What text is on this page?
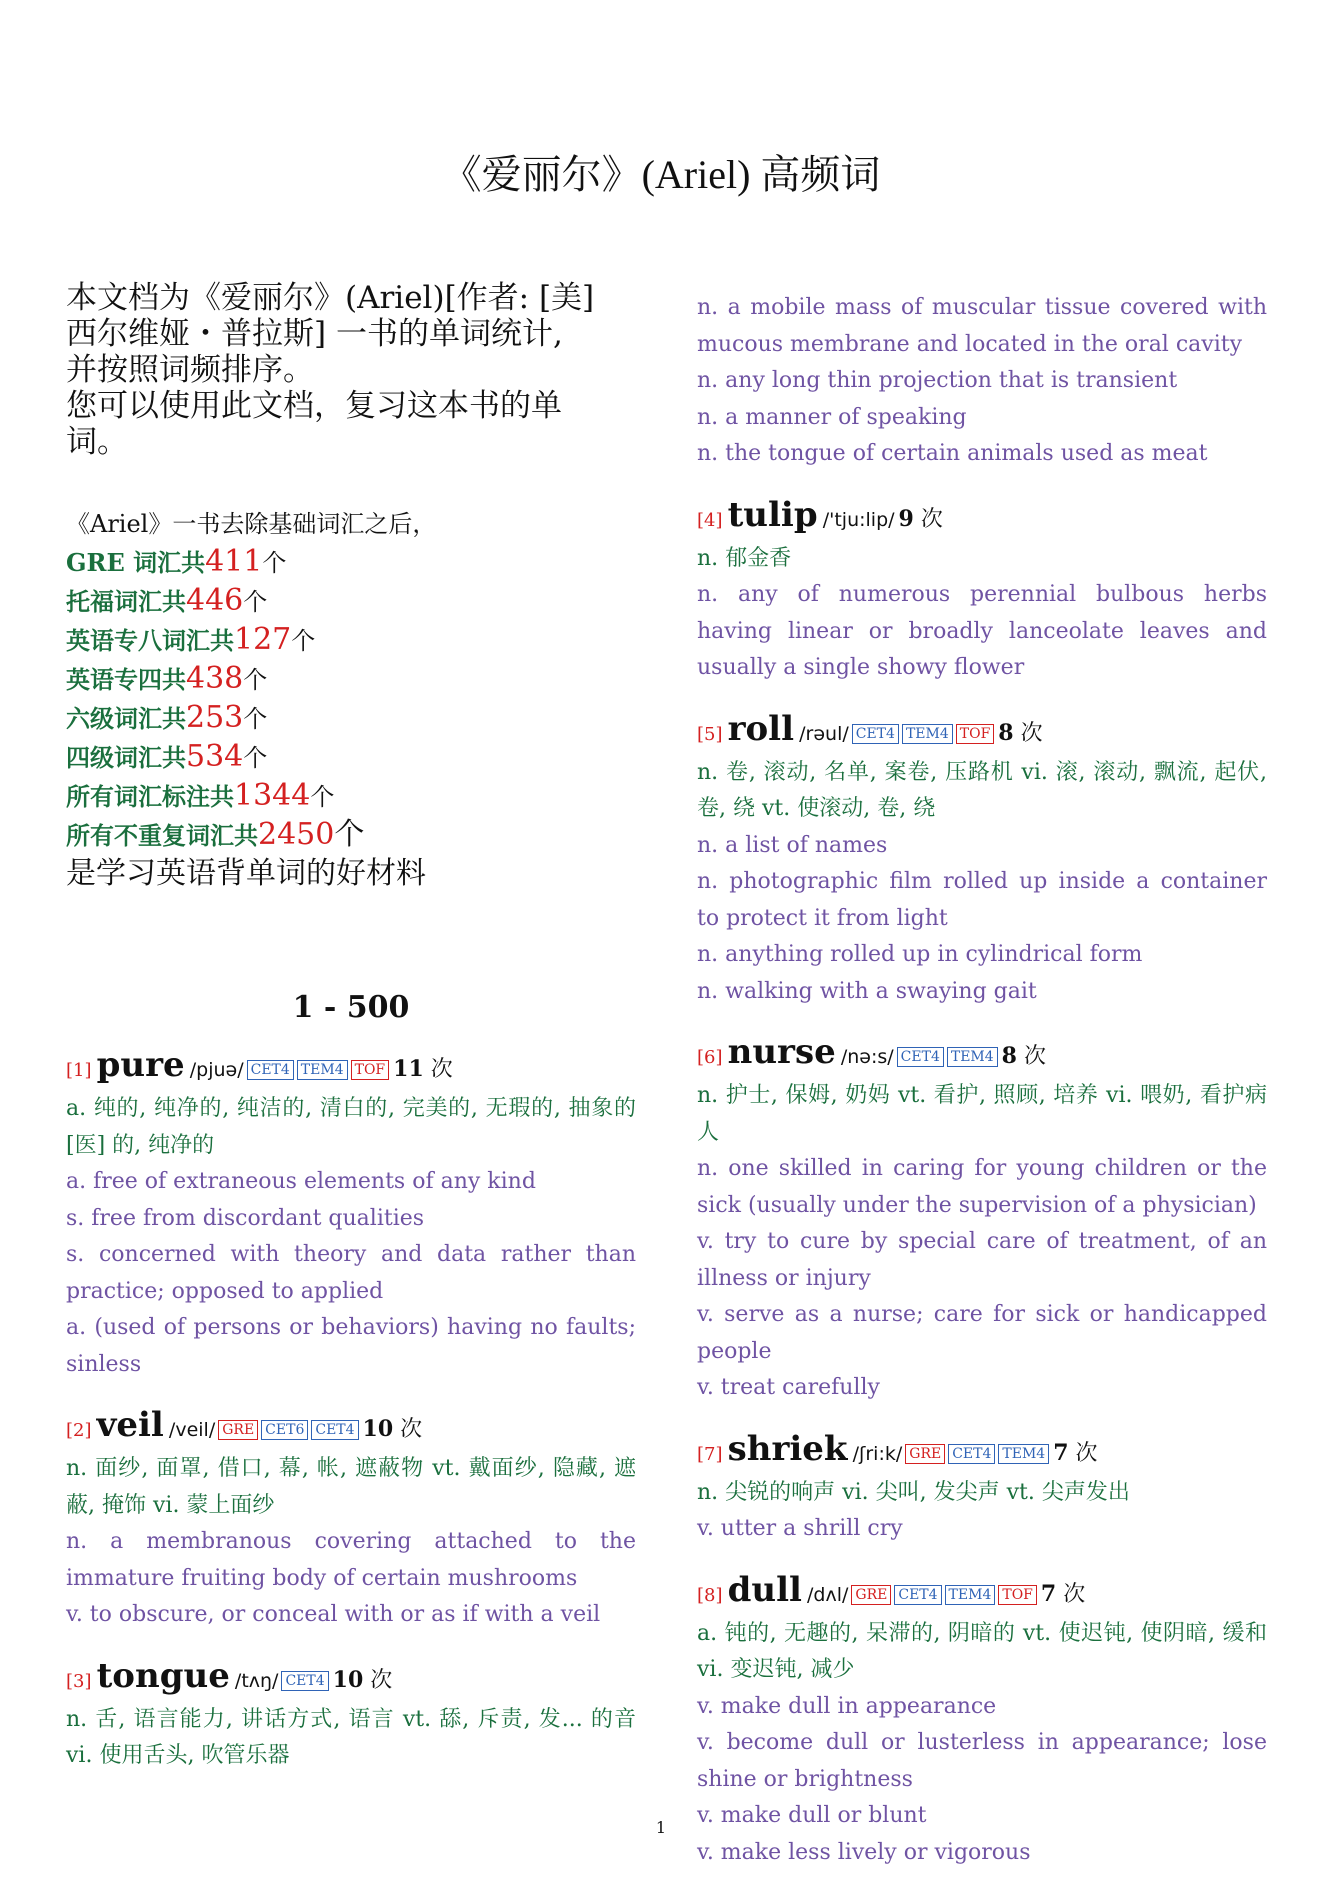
《爱丽尔》(Ariel) 高频词
本文档为《爱丽尔》(Ariel)[作者: [美]
西尔维娅・普拉斯] 一书的单词统计,
并按照词频排序。
您可以使用此文档，复习这本书的单
词。
《Ariel》一书去除基础词汇之后，
GRE 词汇共411个
托福词汇共446个
英语专八词汇共127个
英语专四共438个
六级词汇共253个
四级词汇共534个
所有词汇标注共1344个
所有不重复词汇共2450个
是学习英语背单词的好材料
1 - 500
[1] pure /pjuə/ CET4 TEM4 TOF 11 次

a. 纯的, 纯净的, 纯洁的, 清白的, 完美的, 无瑕的, 抽象的 [医] 的, 纯净的

a. free of extraneous elements of any kind

s. free from discordant qualities

s. concerned with theory and data rather than practice; opposed to applied

a. (used of persons or behaviors) having no faults; sinless

[2] veil /veil/ GRE CET6 CET4 10 次

n. 面纱, 面罩, 借口, 幕, 帐, 遮蔽物 vt. 戴面纱, 隐藏, 遮蔽, 掩饰 vi. 蒙上面纱

n. a membranous covering attached to the immature fruiting body of certain mushrooms

v. to obscure, or conceal with or as if with a veil

[3] tongue /tʌŋ/ CET4 10 次

n. 舌, 语言能力, 讲话方式, 语言 vt. 舔, 斥责, 发... 的音 vi. 使用舌头, 吹管乐器

n. a mobile mass of muscular tissue covered with mucous membrane and located in the oral cavity

n. any long thin projection that is transient

n. a manner of speaking

n. the tongue of certain animals used as meat

[4] tulip /'tju:lip/ 9 次

n. 郁金香

n. any of numerous perennial bulbous herbs having linear or broadly lanceolate leaves and usually a single showy flower

[5] roll /rəul/ CET4 TEM4 TOF 8 次

n. 卷, 滚动, 名单, 案卷, 压路机 vi. 滚, 滚动, 飘流, 起伏, 卷, 绕 vt. 使滚动, 卷, 绕

n. a list of names

n. photographic film rolled up inside a container to protect it from light

n. anything rolled up in cylindrical form

n. walking with a swaying gait

[6] nurse /nə:s/ CET4 TEM4 8 次

n. 护士, 保姆, 奶妈 vt. 看护, 照顾, 培养 vi. 喂奶, 看护病人

n. one skilled in caring for young children or the sick (usually under the supervision of a physician)

v. try to cure by special care of treatment, of an illness or injury

v. serve as a nurse; care for sick or handicapped people

v. treat carefully

[7] shriek /ʃri:k/ GRE CET4 TEM4 7 次

n. 尖锐的响声 vi. 尖叫, 发尖声 vt. 尖声发出

v. utter a shrill cry

[8] dull /dʌl/ GRE CET4 TEM4 TOF 7 次

a. 钝的, 无趣的, 呆滞的, 阴暗的 vt. 使迟钝, 使阴暗, 缓和 vi. 变迟钝, 减少

v. make dull in appearance

v. become dull or lusterless in appearance; lose shine or brightness

v. make dull or blunt

v. make less lively or vigorous

1
